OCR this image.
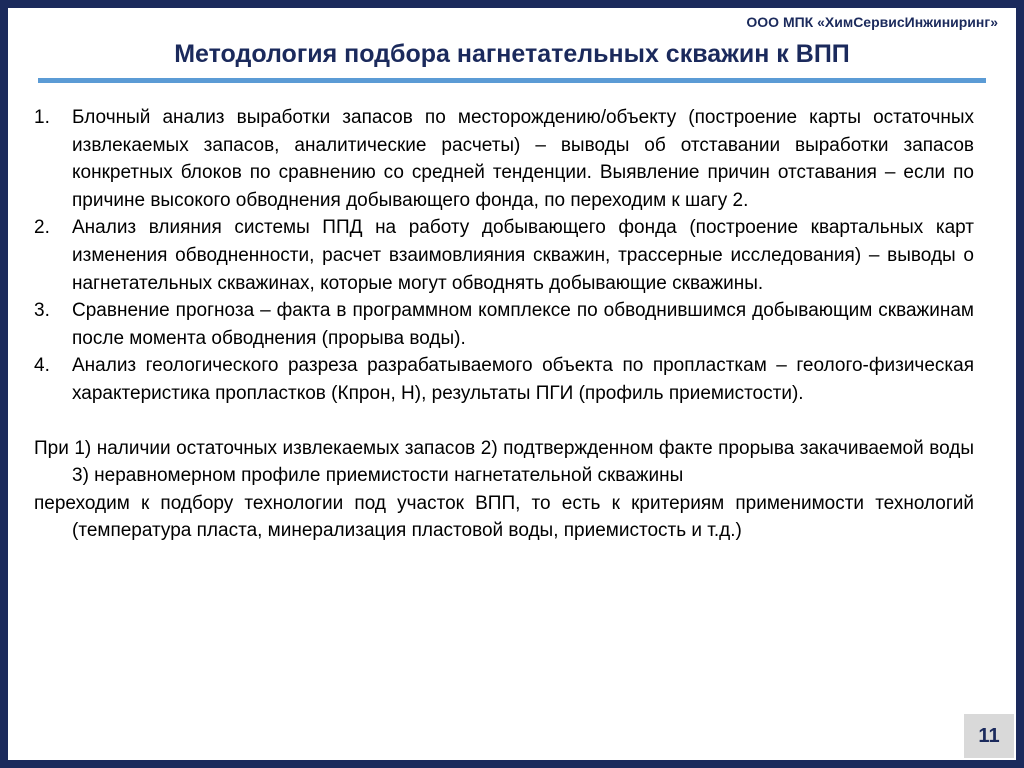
ООО МПК «ХимСервисИнжиниринг»
Методология подбора нагнетательных скважин к ВПП
1. Блочный анализ выработки запасов по месторождению/объекту (построение карты остаточных извлекаемых запасов, аналитические расчеты) – выводы об отставании выработки запасов конкретных блоков по сравнению со средней тенденции. Выявление причин отставания – если по причине высокого обводнения добывающего фонда, по переходим к шагу 2.
2. Анализ влияния системы ППД на работу добывающего фонда (построение квартальных карт изменения обводненности, расчет взаимовлияния скважин, трассерные исследования) – выводы о нагнетательных скважинах, которые могут обводнять добывающие скважины.
3. Сравнение прогноза – факта в программном комплексе по обводнившимся добывающим скважинам после момента обводнения (прорыва воды).
4. Анализ геологического разреза разрабатываемого объекта по пропласткам – геолого-физическая характеристика пропластков (Кпрон, Н), результаты ПГИ (профиль приемистости).
При 1) наличии остаточных извлекаемых запасов 2) подтвержденном факте прорыва закачиваемой воды 3) неравномерном профиле приемистости нагнетательной скважины
переходим к подбору технологии под участок ВПП, то есть к критериям применимости технологий (температура пласта, минерализация пластовой воды, приемистость и т.д.)
11
